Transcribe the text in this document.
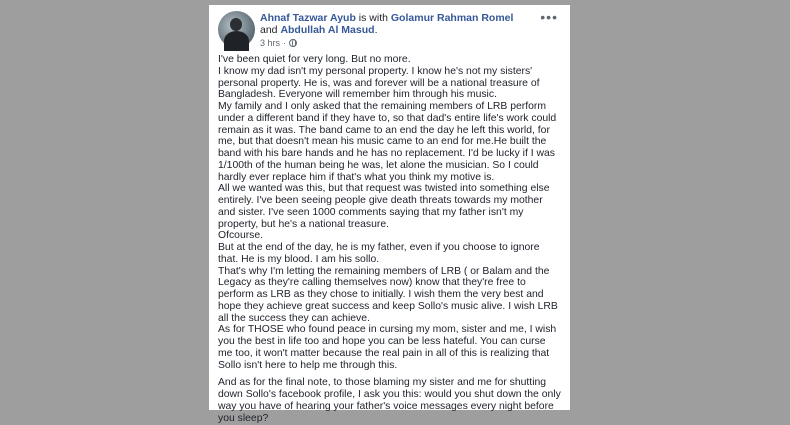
Ahnaf Tazwar Ayub is with Golamur Rahman Romel and Abdullah Al Masud.
3 hrs ·
•••

I've been quiet for very long. But no more.

I know my dad isn't my personal property. I know he's not my sisters' personal property. He is, was and forever will be a national treasure of Bangladesh. Everyone will remember him through his music.

My family and I only asked that the remaining members of LRB perform under a different band if they have to, so that dad's entire life's work could remain as it was. The band came to an end the day he left this world, for me, but that doesn't mean his music came to an end for me.He built the band with his bare hands and he has no replacement. I'd be lucky if I was 1/100th of the human being he was, let alone the musician. So I could hardly ever replace him if that's what you think my motive is.

All we wanted was this, but that request was twisted into something else entirely. I've been seeing people give death threats towards my mother and sister. I've seen 1000 comments saying that my father isn't my property, but he's a national treasure.

Ofcourse.

But at the end of the day, he is my father, even if you choose to ignore that. He is my blood. I am his sollo.

That's why I'm letting the remaining members of LRB ( or Balam and the Legacy as they're calling themselves now) know that they're free to perform as LRB as they chose to initially. I wish them the very best and hope they achieve great success and keep Sollo's music alive. I wish LRB all the success they can achieve.

As for THOSE who found peace in cursing my mom, sister and me, I wish you the best in life too and hope you can be less hateful. You can curse me too, it won't matter because the real pain in all of this is realizing that Sollo isn't here to help me through this.

And as for the final note, to those blaming my sister and me for shutting down Sollo's facebook profile, I ask you this: would you shut down the only way you have of hearing your father's voice messages every night before you sleep?
